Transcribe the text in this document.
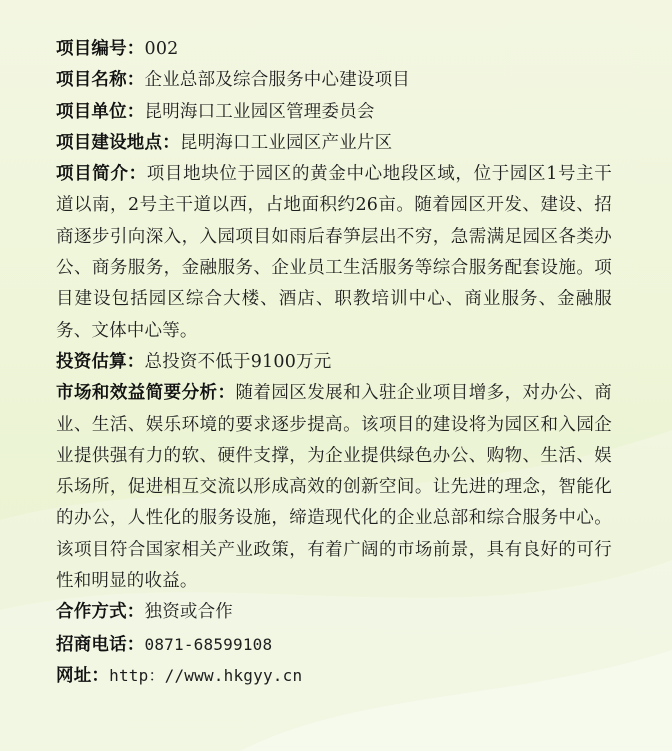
项目编号：002
项目名称：企业总部及综合服务中心建设项目
项目单位：昆明海口工业园区管理委员会
项目建设地点：昆明海口工业园区产业片区
项目简介：项目地块位于园区的黄金中心地段区域，位于园区1号主干道以南，2号主干道以西，占地面积约26亩。随着园区开发、建设、招商逐步引向深入，入园项目如雨后春笋层出不穷，急需满足园区各类办公、商务服务，金融服务、企业员工生活服务等综合服务配套设施。项目建设包括园区综合大楼、酒店、职教培训中心、商业服务、金融服务、文体中心等。
投资估算：总投资不低于9100万元
市场和效益简要分析：随着园区发展和入驻企业项目增多，对办公、商业、生活、娱乐环境的要求逐步提高。该项目的建设将为园区和入园企业提供强有力的软、硬件支撑，为企业提供绿色办公、购物、生活、娱乐场所，促进相互交流以形成高效的创新空间。让先进的理念，智能化的办公，人性化的服务设施，缔造现代化的企业总部和综合服务中心。该项目符合国家相关产业政策，有着广阔的市场前景，具有良好的可行性和明显的收益。
合作方式：独资或合作
招商电话：0871-68599108
网址：http：//www.hkgyy.cn
